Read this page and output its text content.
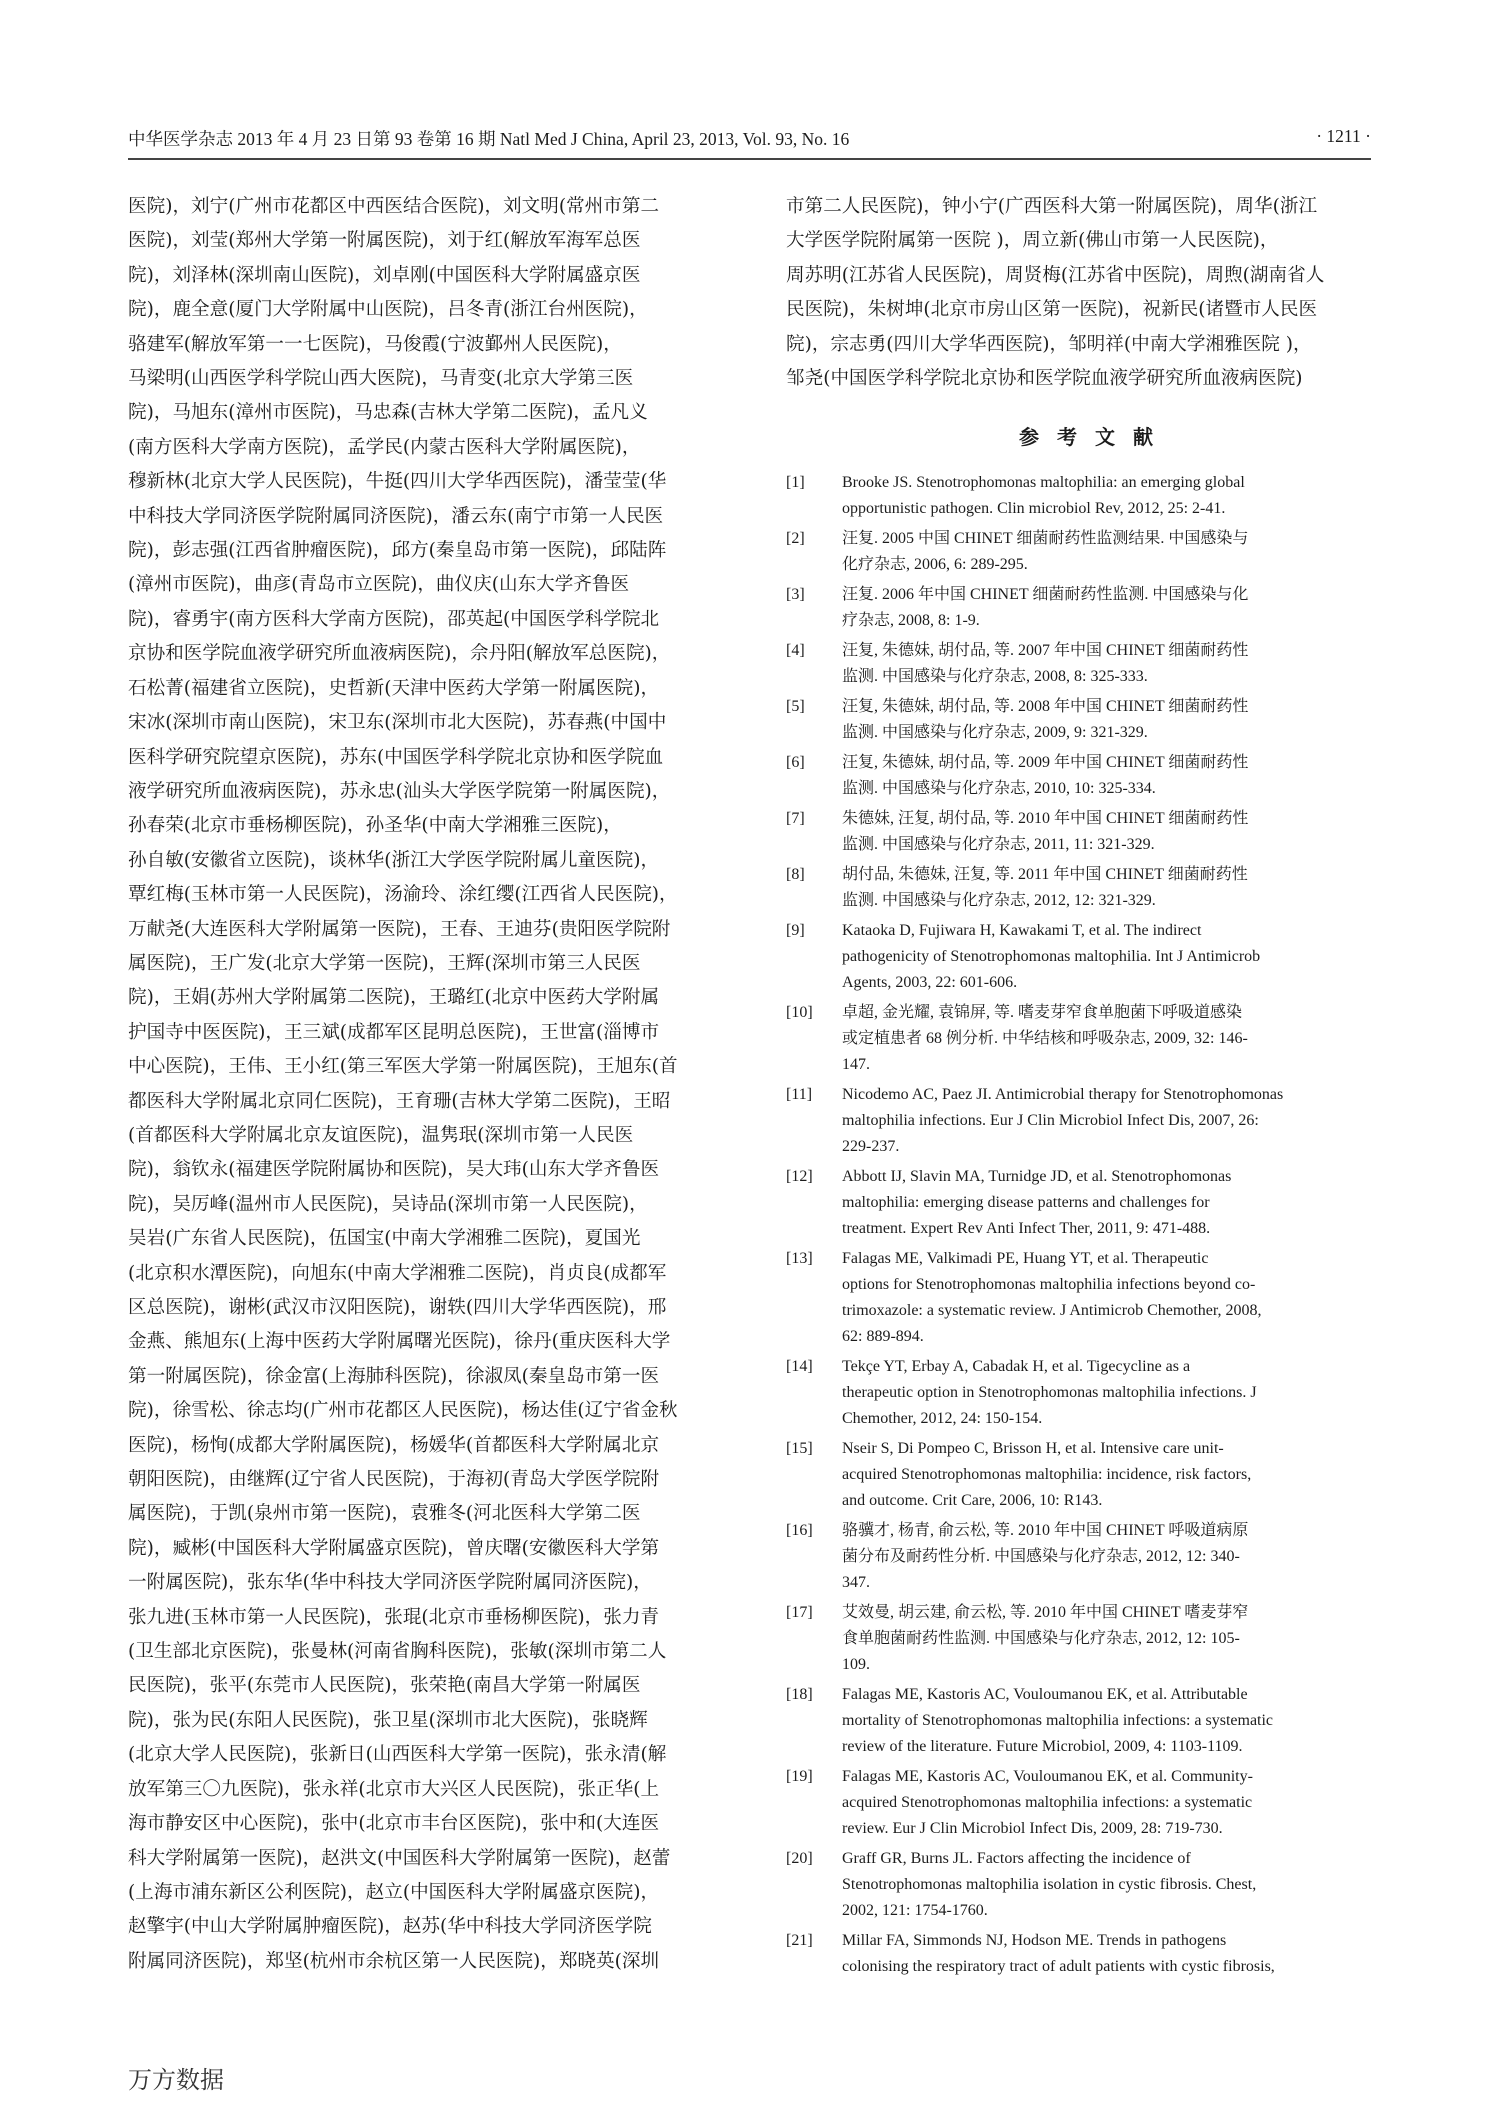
中华医学杂志 2013 年 4 月 23 日第 93 卷第 16 期 Natl Med J China, April 23, 2013, Vol. 93, No. 16	· 1211 ·

医院)，刘宁(广州市花都区中西医结合医院)，刘文明(常州市第二

医院)，刘莹(郑州大学第一附属医院)，刘于红(解放军海军总医

院)，刘泽林(深圳南山医院)，刘卓刚(中国医科大学附属盛京医

院)，鹿全意(厦门大学附属中山医院)，吕冬青(浙江台州医院)，

骆建军(解放军第一一七医院)，马俊霞(宁波鄞州人民医院)，

马梁明(山西医学科学院山西大医院)，马青变(北京大学第三医

院)，马旭东(漳州市医院)，马忠森(吉林大学第二医院)，孟凡义

(南方医科大学南方医院)，孟学民(内蒙古医科大学附属医院)，

穆新林(北京大学人民医院)，牛挺(四川大学华西医院)，潘莹莹(华

中科技大学同济医学院附属同济医院)，潘云东(南宁市第一人民医

院)，彭志强(江西省肿瘤医院)，邱方(秦皇岛市第一医院)，邱陆阵

(漳州市医院)，曲彦(青岛市立医院)，曲仪庆(山东大学齐鲁医

院)，睿勇宇(南方医科大学南方医院)，邵英起(中国医学科学院北

京协和医学院血液学研究所血液病医院)，佘丹阳(解放军总医院)，

石松菁(福建省立医院)，史哲新(天津中医药大学第一附属医院)，

宋冰(深圳市南山医院)，宋卫东(深圳市北大医院)，苏春燕(中国中

医科学研究院望京医院)，苏东(中国医学科学院北京协和医学院血

液学研究所血液病医院)，苏永忠(汕头大学医学院第一附属医院)，

孙春荣(北京市垂杨柳医院)，孙圣华(中南大学湘雅三医院)，

孙自敏(安徽省立医院)，谈林华(浙江大学医学院附属儿童医院)，

覃红梅(玉林市第一人民医院)，汤渝玲、涂红缨(江西省人民医院)，

万献尧(大连医科大学附属第一医院)，王春、王迪芬(贵阳医学院附

属医院)，王广发(北京大学第一医院)，王辉(深圳市第三人民医

院)，王娟(苏州大学附属第二医院)，王璐红(北京中医药大学附属

护国寺中医医院)，王三斌(成都军区昆明总医院)，王世富(淄博市

中心医院)，王伟、王小红(第三军医大学第一附属医院)，王旭东(首

都医科大学附属北京同仁医院)，王育珊(吉林大学第二医院)，王昭

(首都医科大学附属北京友谊医院)，温隽珉(深圳市第一人民医

院)，翁钦永(福建医学院附属协和医院)，吴大玮(山东大学齐鲁医

院)，吴厉峰(温州市人民医院)，吴诗品(深圳市第一人民医院)，

吴岩(广东省人民医院)，伍国宝(中南大学湘雅二医院)，夏国光

(北京积水潭医院)，向旭东(中南大学湘雅二医院)，肖贞良(成都军

区总医院)，谢彬(武汉市汉阳医院)，谢轶(四川大学华西医院)，邢

金燕、熊旭东(上海中医药大学附属曙光医院)，徐丹(重庆医科大学

第一附属医院)，徐金富(上海肺科医院)，徐淑凤(秦皇岛市第一医

院)，徐雪松、徐志均(广州市花都区人民医院)，杨达佳(辽宁省金秋

医院)，杨恂(成都大学附属医院)，杨媛华(首都医科大学附属北京

朝阳医院)，由继辉(辽宁省人民医院)，于海初(青岛大学医学院附

属医院)，于凯(泉州市第一医院)，袁雅冬(河北医科大学第二医

院)，臧彬(中国医科大学附属盛京医院)，曾庆曙(安徽医科大学第

一附属医院)，张东华(华中科技大学同济医学院附属同济医院)，

张九进(玉林市第一人民医院)，张琨(北京市垂杨柳医院)，张力青

(卫生部北京医院)，张曼林(河南省胸科医院)，张敏(深圳市第二人

民医院)，张平(东莞市人民医院)，张荣艳(南昌大学第一附属医

院)，张为民(东阳人民医院)，张卫星(深圳市北大医院)，张晓辉

(北京大学人民医院)，张新日(山西医科大学第一医院)，张永清(解

放军第三〇九医院)，张永祥(北京市大兴区人民医院)，张正华(上

海市静安区中心医院)，张中(北京市丰台区医院)，张中和(大连医

科大学附属第一医院)，赵洪文(中国医科大学附属第一医院)，赵蕾

(上海市浦东新区公利医院)，赵立(中国医科大学附属盛京医院)，

赵擎宇(中山大学附属肿瘤医院)，赵苏(华中科技大学同济医学院

附属同济医院)，郑坚(杭州市余杭区第一人民医院)，郑晓英(深圳

市第二人民医院)，钟小宁(广西医科大第一附属医院)，周华(浙江

大学医学院附属第一医院 )，周立新(佛山市第一人民医院)，

周苏明(江苏省人民医院)，周贤梅(江苏省中医院)，周煦(湖南省人

民医院)，朱树坤(北京市房山区第一医院)，祝新民(诸暨市人民医

院)，宗志勇(四川大学华西医院)，邹明祥(中南大学湘雅医院 )，

邹尧(中国医学科学院北京协和医学院血液学研究所血液病医院)

参考文献
[1]	Brooke JS. Stenotrophomonas maltophilia: an emerging global
opportunistic pathogen. Clin microbiol Rev, 2012, 25: 2-41.
[2]	汪复. 2005 中国 CHINET 细菌耐药性监测结果. 中国感染与
化疗杂志, 2006, 6: 289-295.
[3]	汪复. 2006 年中国 CHINET 细菌耐药性监测. 中国感染与化
疗杂志, 2008, 8: 1-9.
[4]	汪复, 朱德妹, 胡付品, 等. 2007 年中国 CHINET 细菌耐药性
监测. 中国感染与化疗杂志, 2008, 8: 325-333.
[5]	汪复, 朱德妹, 胡付品, 等. 2008 年中国 CHINET 细菌耐药性
监测. 中国感染与化疗杂志, 2009, 9: 321-329.
[6]	汪复, 朱德妹, 胡付品, 等. 2009 年中国 CHINET 细菌耐药性
监测. 中国感染与化疗杂志, 2010, 10: 325-334.
[7]	朱德妹, 汪复, 胡付品, 等. 2010 年中国 CHINET 细菌耐药性
监测. 中国感染与化疗杂志, 2011, 11: 321-329.
[8]	胡付品, 朱德妹, 汪复, 等. 2011 年中国 CHINET 细菌耐药性
监测. 中国感染与化疗杂志, 2012, 12: 321-329.
[9]	Kataoka D, Fujiwara H, Kawakami T, et al. The indirect
pathogenicity of Stenotrophomonas maltophilia. Int J Antimicrob
Agents, 2003, 22: 601-606.
[10]	卓超, 金光耀, 袁锦屏, 等. 嗜麦芽窄食单胞菌下呼吸道感染
或定植患者 68 例分析. 中华结核和呼吸杂志, 2009, 32: 146-
147.
[11]	Nicodemo AC, Paez JI. Antimicrobial therapy for Stenotrophomonas
maltophilia infections. Eur J Clin Microbiol Infect Dis, 2007, 26:
229-237.
[12]	Abbott IJ, Slavin MA, Turnidge JD, et al. Stenotrophomonas
maltophilia: emerging disease patterns and challenges for
treatment. Expert Rev Anti Infect Ther, 2011, 9: 471-488.
[13]	Falagas ME, Valkimadi PE, Huang YT, et al. Therapeutic
options for Stenotrophomonas maltophilia infections beyond co-
trimoxazole: a systematic review. J Antimicrob Chemother, 2008,
62: 889-894.
[14]	Tekçe YT, Erbay A, Cabadak H, et al. Tigecycline as a
therapeutic option in Stenotrophomonas maltophilia infections. J
Chemother, 2012, 24: 150-154.
[15]	Nseir S, Di Pompeo C, Brisson H, et al. Intensive care unit-
acquired Stenotrophomonas maltophilia: incidence, risk factors,
and outcome. Crit Care, 2006, 10: R143.
[16]	骆骥才, 杨青, 俞云松, 等. 2010 年中国 CHINET 呼吸道病原
菌分布及耐药性分析. 中国感染与化疗杂志, 2012, 12: 340-
347.
[17]	艾效曼, 胡云建, 俞云松, 等. 2010 年中国 CHINET 嗜麦芽窄
食单胞菌耐药性监测. 中国感染与化疗杂志, 2012, 12: 105-
109.
[18]	Falagas ME, Kastoris AC, Vouloumanou EK, et al. Attributable
mortality of Stenotrophomonas maltophilia infections: a systematic
review of the literature. Future Microbiol, 2009, 4: 1103-1109.
[19]	Falagas ME, Kastoris AC, Vouloumanou EK, et al. Community-
acquired Stenotrophomonas maltophilia infections: a systematic
review. Eur J Clin Microbiol Infect Dis, 2009, 28: 719-730.
[20]	Graff GR, Burns JL. Factors affecting the incidence of
Stenotrophomonas maltophilia isolation in cystic fibrosis. Chest,
2002, 121: 1754-1760.
[21]	Millar FA, Simmonds NJ, Hodson ME. Trends in pathogens
colonising the respiratory tract of adult patients with cystic fibrosis,
万方数据
